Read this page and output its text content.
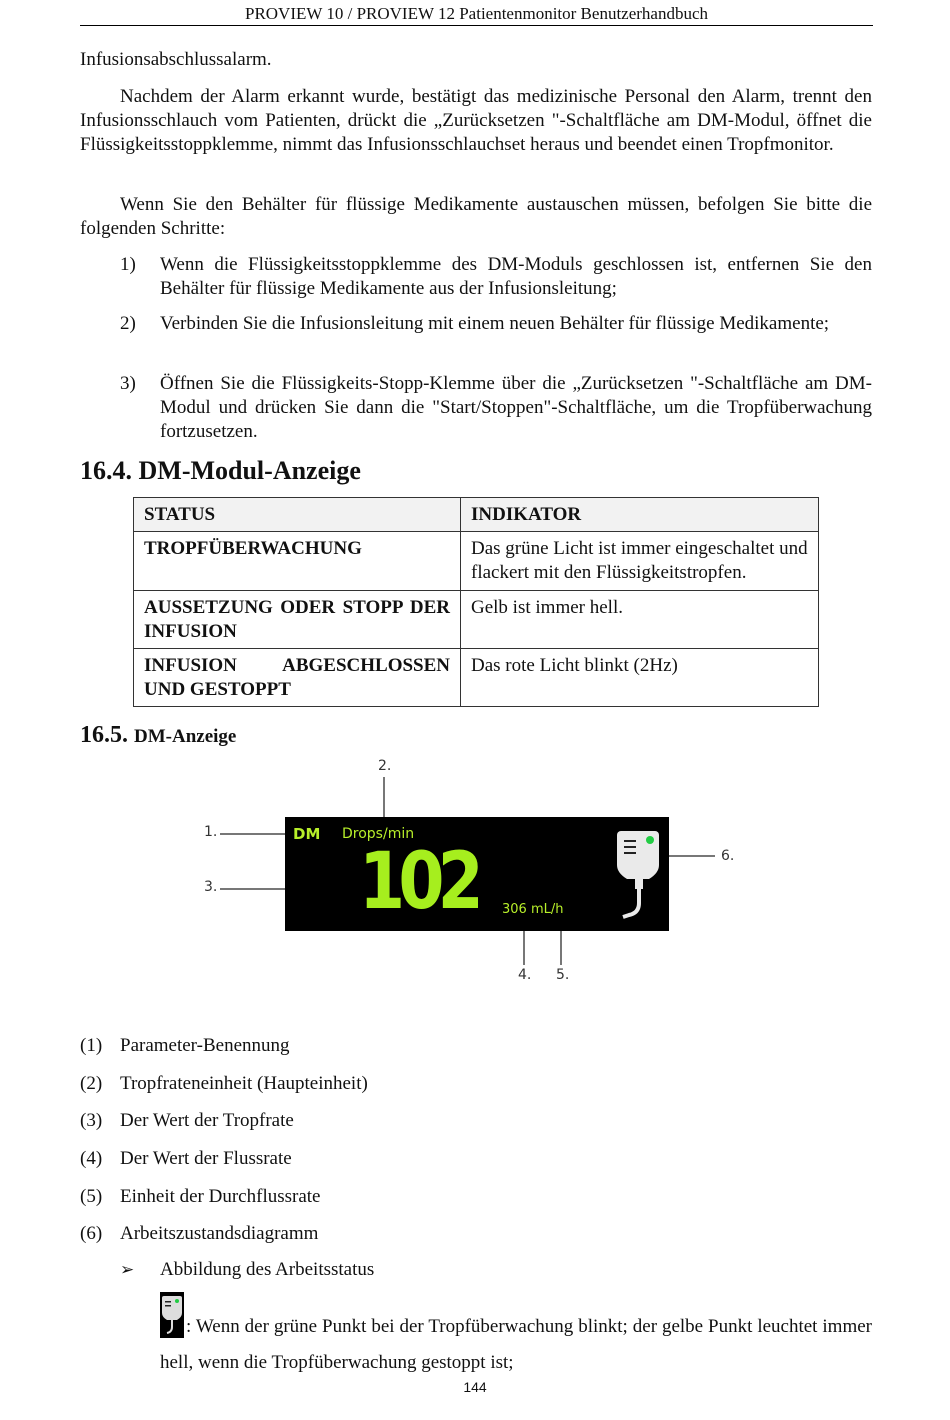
PROVIEW 10 / PROVIEW 12 Patientenmonitor Benutzerhandbuch

Infusionsabschlussalarm.

Nachdem der Alarm erkannt wurde, bestätigt das medizinische Personal den Alarm, trennt den Infusionsschlauch vom Patienten, drückt die „Zurücksetzen "-Schaltfläche am DM-Modul, öffnet die Flüssigkeitsstoppklemme, nimmt das Infusionsschlauchset heraus und beendet einen Tropfmonitor.

Wenn Sie den Behälter für flüssige Medikamente austauschen müssen, befolgen Sie bitte die folgenden Schritte:

1) Wenn die Flüssigkeitsstoppklemme des DM-Moduls geschlossen ist, entfernen Sie den Behälter für flüssige Medikamente aus der Infusionsleitung;
2) Verbinden Sie die Infusionsleitung mit einem neuen Behälter für flüssige Medikamente;
3) Öffnen Sie die Flüssigkeits-Stopp-Klemme über die „Zurücksetzen "-Schaltfläche am DM-Modul und drücken Sie dann die "Start/Stoppen"-Schaltfläche, um die Tropfüberwachung fortzusetzen.
16.4. DM-Modul-Anzeige
STATUS	INDIKATOR
TROPFÜBERWACHUNG	Das grüne Licht ist immer eingeschaltet und flackert mit den Flüssigkeitstropfen.
AUSSETZUNG ODER STOPP DER INFUSION	Gelb ist immer hell.
INFUSION ABGESCHLOSSEN UND GESTOPPT	Das rote Licht blinkt (2Hz)
16.5. DM-Anzeige
2.
1.
3.
6.
4. 5.
DM Drops/min
102 306 mL/h
(1) Parameter-Benennung
(2) Tropfrateneinheit (Haupteinheit)
(3) Der Wert der Tropfrate
(4) Der Wert der Flussrate
(5) Einheit der Durchflussrate
(6) Arbeitszustandsdiagramm
➢ Abbildung des Arbeitsstatus
: Wenn der grüne Punkt bei der Tropfüberwachung blinkt; der gelbe Punkt leuchtet immer hell, wenn die Tropfüberwachung gestoppt ist;
144
